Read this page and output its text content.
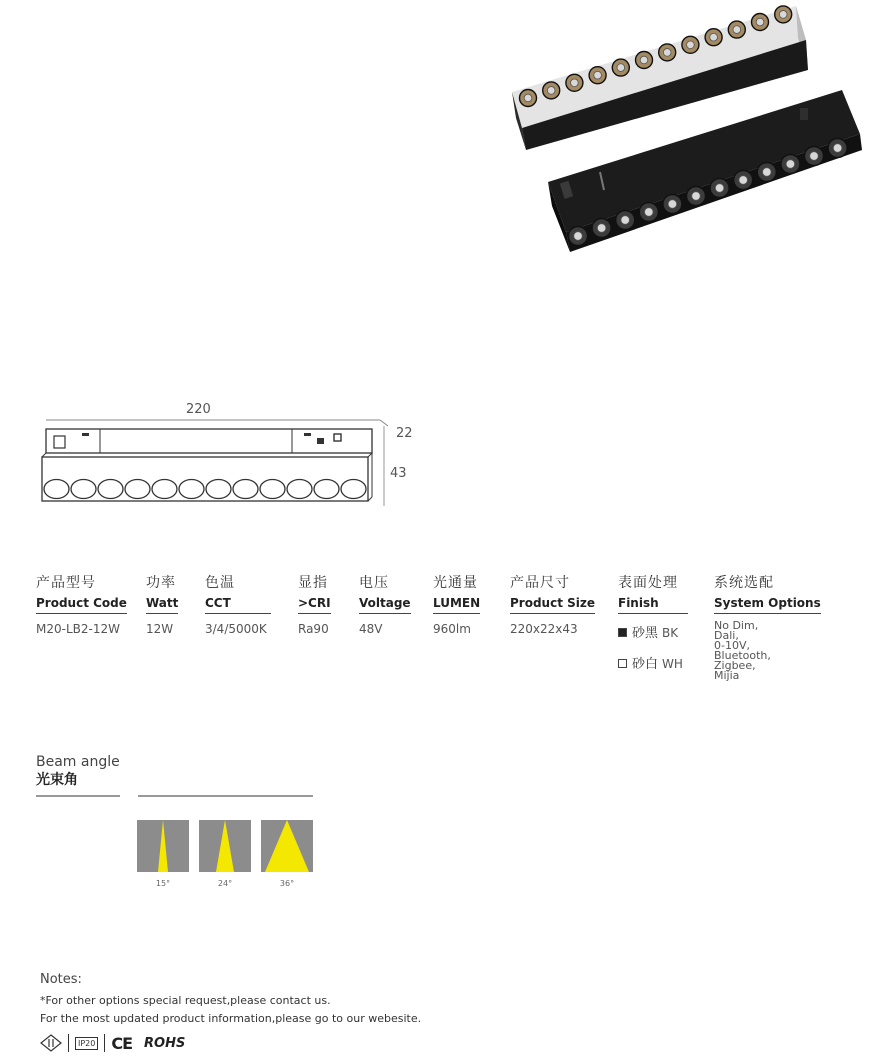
220
22
43
产品型号
Product Code
M20-LB2-12W
功率
Watt
12W
色温
CCT
3/4/5000K
显指
>CRI
Ra90
电压
Voltage
48V
光通量
LUMEN
960lm
产品尺寸
Product Size
220x22x43
表面处理
Finish
砂黑 BK
砂白 WH
系统选配
System Options
No Dim,
Dali,
0-10V,
Bluetooth,
Zigbee,
Mijia
Beam angle
光束角
15°	24°	36°
Notes:
*For other options special request,please contact us.
For the most updated product information,please go to our webesite.
IP20 CE ROHS
